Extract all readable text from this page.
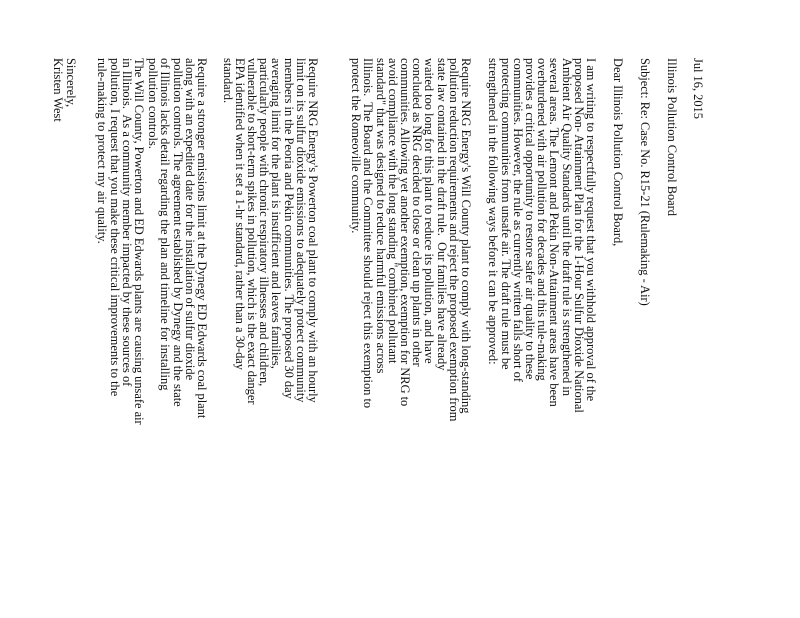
Jul 16, 2015
Illinois Pollution Control Board
Subject: Re: Case No. R15-21 (Rulemaking - Air)
Dear Illinois Pollution Control Board,
I am writing to respectfully request that you withhold approval of the
proposed Non- Attainment Plan for the 1-Hour Sulfur Dioxide National
Ambient Air Quality Standards until the draft rule is strengthened in
several areas. The Lemont and Pekin Non-Attainment areas have been
overburdened with air pollution for decades and this rule-making
provides a critical opportunity to restore safer air quality to these
communities. However, the rule as currently written falls short of
protecting communities from unsafe air. The draft rule must be
strengthened in the following ways before it can be approved:
Require NRG Energy's Will County plant to comply with long-standing
pollution reduction requirements and reject the proposed exemption from
state law contained in the draft rule.  Our families have already
waited too long for this plant to reduce its pollution, and have
concluded as NRG decided to close or clean up plants in other
communities. Allowing yet another exemption, exemption for NRG to
avoid compliance with the long standing "combined pollutant
standard" that was designed to reduce harmful emissions across
Illinois.  The Board and the Committee should reject this exemption to
protect the Romeoville community.
Require NRG Energy's Powerton coal plant to comply with an hourly
limit on its sulfur dioxide emissions to adequately protect community
members in the Peoria and Pekin communities. The proposed 30 day
averaging limit for the plant is insufficient and leaves families,
particularly people with chronic respiratory illnesses and children,
vulnerable to short-term spikes in pollution, which is the exact danger
EPA identified when it set a 1-hr standard, rather than a 30-day
standard.
Require a stronger emissions limit at the Dynegy ED Edwards coal plant
along with an expedited date for the installation of sulfur dioxide
pollution controls. The agreement established by Dynegy and the state
of Illinois lacks detail regarding the plan and timeline for installing
pollution controls.
The Will County, Powerton and ED Edwards plants are causing unsafe air
in Illinois.  As a community member impacted by these sources of
pollution, I request that you make these critical improvements to the
rule-making to protect my air quality.
Sincerely,
Kristen West
